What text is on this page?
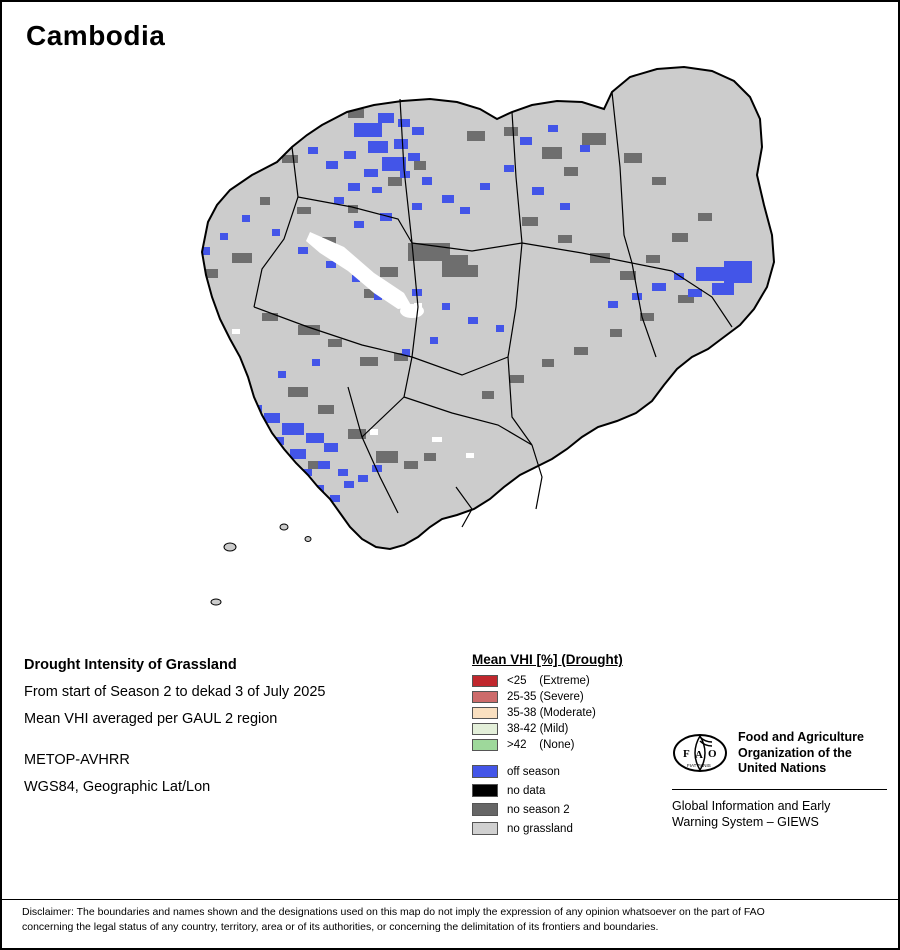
Cambodia
Drought Intensity of Grassland
From start of Season 2 to dekad 3 of July 2025
Mean VHI averaged per GAUL 2 region
METOP-AVHRR
WGS84, Geographic Lat/Lon
Mean VHI [%] (Drought)
<25    (Extreme)
25-35 (Severe)
35-38 (Moderate)
38-42 (Mild)
>42    (None)
off season
no data
no season 2
no grassland
F A O
FIAT PANIS
Food and Agriculture
Organization of the
United Nations
Global Information and Early
Warning System – GIEWS
Disclaimer: The boundaries and names shown and the designations used on this map do not imply the expression of any opinion whatsoever on the part of FAO
concerning the legal status of any country, territory, area or of its authorities, or concerning the delimitation of its frontiers and boundaries.
